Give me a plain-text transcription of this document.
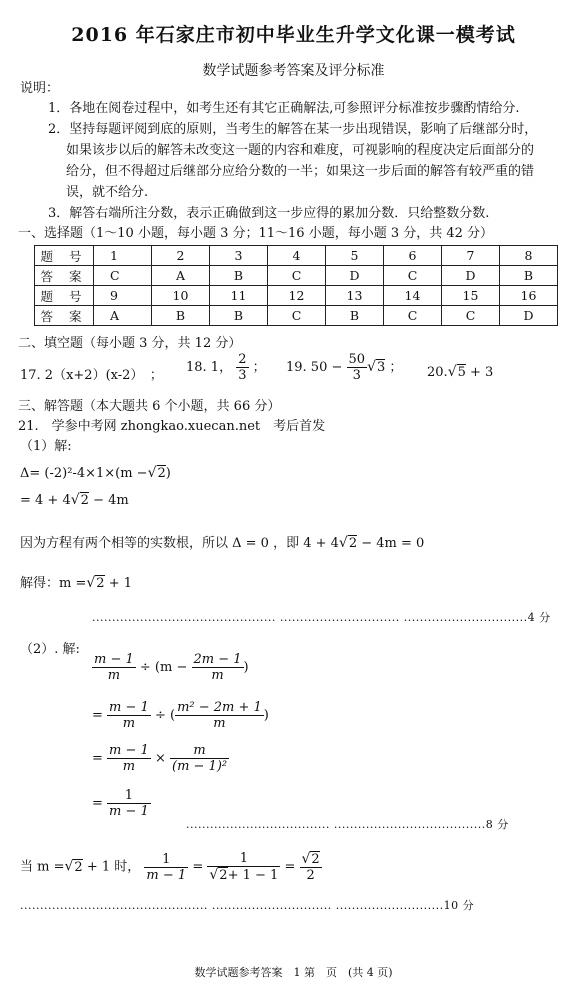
2016 年石家庄市初中毕业生升学文化课一模考试
数学试题参考答案及评分标准
说明：
1．各地在阅卷过程中，如考生还有其它正确解法,可参照评分标准按步骤酌情给分.
2．坚持每题评阅到底的原则，当考生的解答在某一步出现错误，影响了后继部分时，
如果该步以后的解答未改变这一题的内容和难度，可视影响的程度决定后面部分的
给分，但不得超过后继部分应给分数的一半；如果这一步后面的解答有较严重的错
误，就不给分.
3．解答右端所注分数，表示正确做到这一步应得的累加分数．只给整数分数.
一、选择题（1～10 小题，每小题 3 分；11～16 小题，每小题 3 分，共 42 分）
题 号	1	2	3	4	5	6	7	8
答 案	C	A	B	C	D	C	D	B
题 号	9	10	11	12	13	14	15	16
答 案	A	B	B	C	B	C	C	D
二、填空题（每小题 3 分，共 12 分）
17. 2（x+2）(x-2）　；
18. 1， $\frac{2}{3}$ ； 19. $50 - \frac{50}{3} √3$ ； 20.√5 + 3
三、解答题（本大题共 6 个小题，共 66 分）
21.　学参中考网 zhongkao.xuecan.net　考后首发
（1）解:
Δ= (-2)²-4×1×(m −√2)
= 4 + 4√2 − 4m
因为方程有两个相等的实数根，所以 Δ = 0 ，即 4 + 4√2 − 4m = 0
解得：m =√2 + 1
.............................................. .............................. ...............................4 分
（2）. 解:
$\frac{m - 1}{m} \div (m - \frac{2m - 1}{m}$ )
= $\frac{m - 1}{m}$ ÷ ( $\frac{\text{m² − 2m + 1}}{m}$ )
= $\frac{m - 1}{m} \times \frac{m}{\text{(m − 1)²}}$
= $\frac{1}{m - 1}$
.................................... ......................................8 分
当 m =√2 + 1 时， $\frac{1}{m - 1} = \frac{1}{√2+ 1 - 1} = \frac{√2}{2}$
............................................... .............................. ...........................10 分
数学试题参考答案　1 第　页　(共 4 页)
